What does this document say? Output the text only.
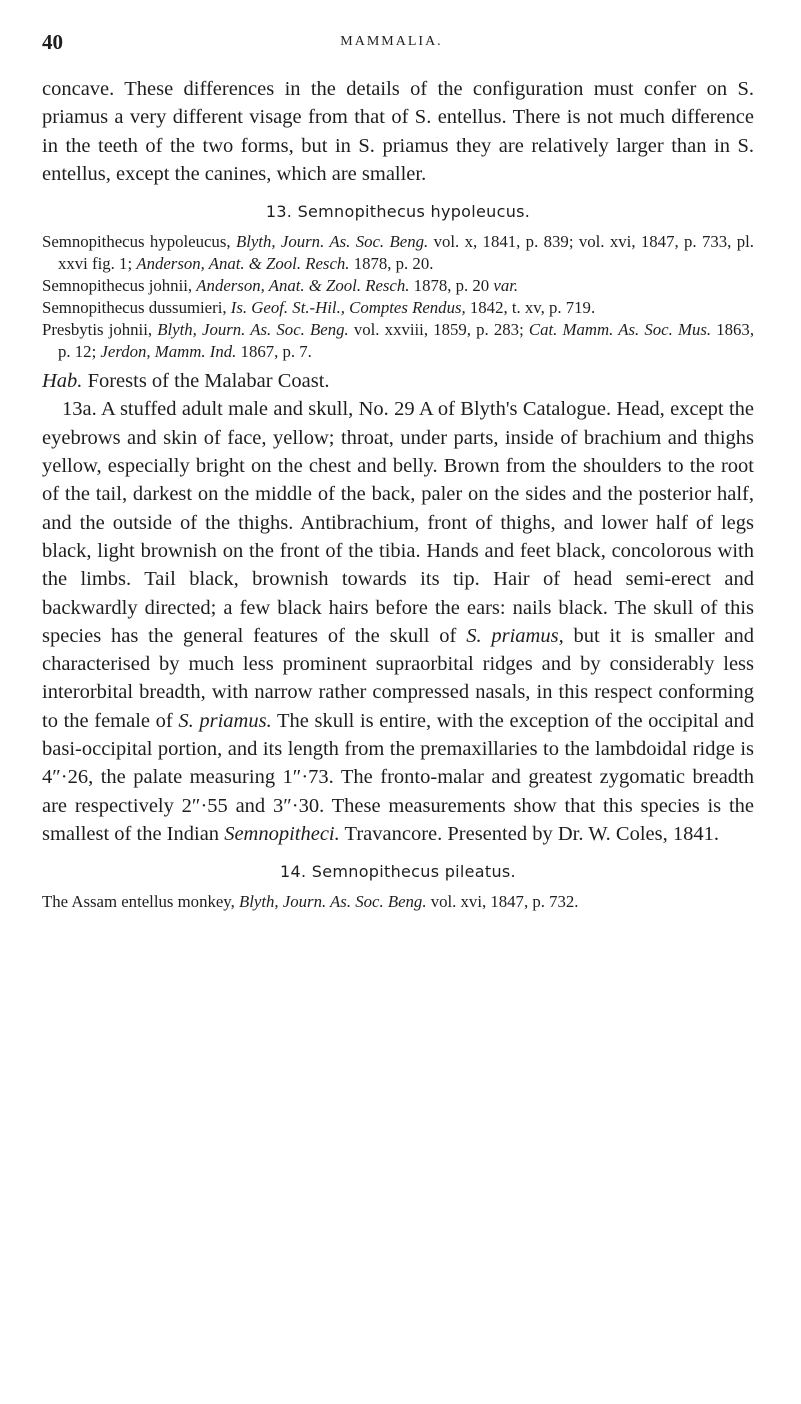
40	MAMMALIA.

concave. These differences in the details of the configuration must confer on S. priamus a very different visage from that of S. entellus. There is not much difference in the teeth of the two forms, but in S. priamus they are relatively larger than in S. entellus, except the canines, which are smaller.

13. Semnopithecus hypoleucus.

Semnopithecus hypoleucus, Blyth, Journ. As. Soc. Beng. vol. x, 1841, p. 839; vol. xvi, 1847, p. 733, pl. xxvi fig. 1; Anderson, Anat. & Zool. Resch. 1878, p. 20.

Semnopithecus johnii, Anderson, Anat. & Zool. Resch. 1878, p. 20 var.

Semnopithecus dussumieri, Is. Geof. St.-Hil., Comptes Rendus, 1842, t. xv, p. 719.

Presbytis johnii, Blyth, Journ. As. Soc. Beng. vol. xxviii, 1859, p. 283; Cat. Mamm. As. Soc. Mus. 1863, p. 12; Jerdon, Mamm. Ind. 1867, p. 7.

Hab. Forests of the Malabar Coast.

13a. A stuffed adult male and skull, No. 29 A of Blyth's Catalogue. Head, except the eyebrows and skin of face, yellow; throat, under parts, inside of brachium and thighs yellow, especially bright on the chest and belly. Brown from the shoulders to the root of the tail, darkest on the middle of the back, paler on the sides and the posterior half, and the outside of the thighs. Antibrachium, front of thighs, and lower half of legs black, light brownish on the front of the tibia. Hands and feet black, concolorous with the limbs. Tail black, brownish towards its tip. Hair of head semi-erect and backwardly directed; a few black hairs before the ears: nails black. The skull of this species has the general features of the skull of S. priamus, but it is smaller and characterised by much less prominent supraorbital ridges and by considerably less interorbital breadth, with narrow rather compressed nasals, in this respect conforming to the female of S. priamus. The skull is entire, with the exception of the occipital and basi-occipital portion, and its length from the premaxillaries to the lambdoidal ridge is 4″·26, the palate measuring 1″·73. The fronto-malar and greatest zygomatic breadth are respectively 2″·55 and 3″·30. These measurements show that this species is the smallest of the Indian Semnopitheci. Travancore. Presented by Dr. W. Coles, 1841.

14. Semnopithecus pileatus.

The Assam entellus monkey, Blyth, Journ. As. Soc. Beng. vol. xvi, 1847, p. 732.
